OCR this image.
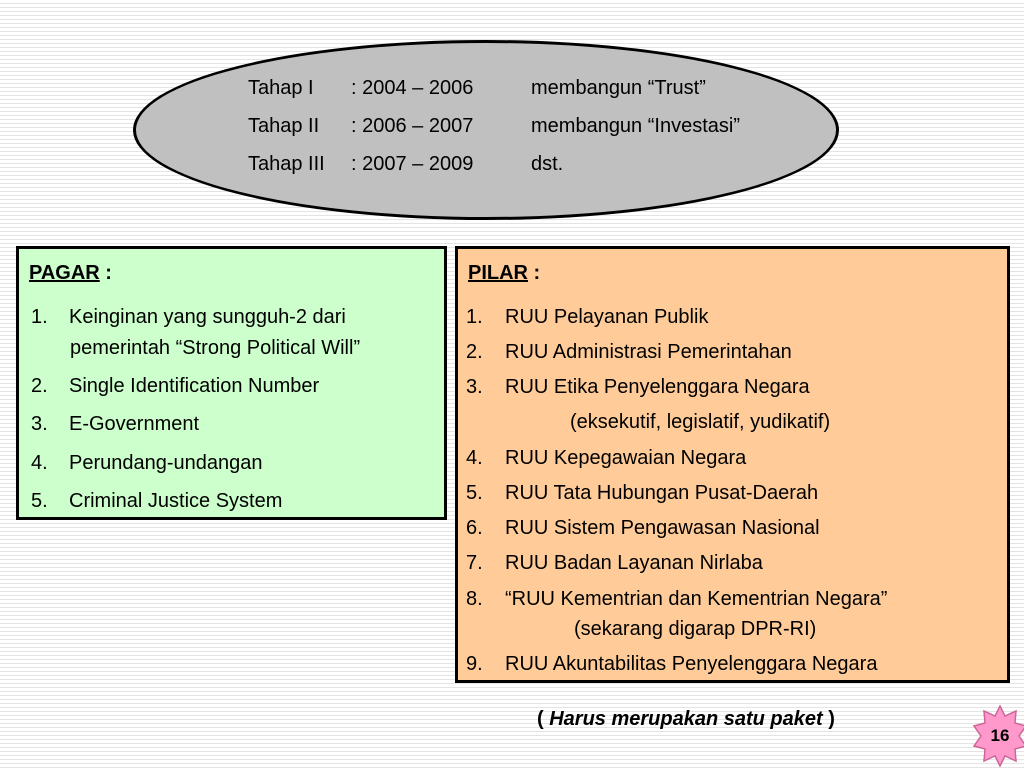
Tahap I : 2004 – 2006	membangun “Trust”
Tahap II : 2006 – 2007	membangun “Investasi”
Tahap III : 2007 – 2009	dst.
PAGAR :
1. Keinginan yang sungguh-2 dari
pemerintah “Strong Political Will”
2. Single Identification Number
3. E-Government
4. Perundang-undangan
5. Criminal Justice System
PILAR :
1. RUU Pelayanan Publik
2. RUU Administrasi Pemerintahan
3. RUU Etika Penyelenggara Negara
(eksekutif, legislatif, yudikatif)
4. RUU Kepegawaian Negara
5. RUU Tata Hubungan Pusat-Daerah
6. RUU Sistem Pengawasan Nasional
7. RUU Badan Layanan Nirlaba
8. “RUU Kementrian dan Kementrian Negara”
(sekarang digarap DPR-RI)
9. RUU Akuntabilitas Penyelenggara Negara
( Harus merupakan satu paket )
16
